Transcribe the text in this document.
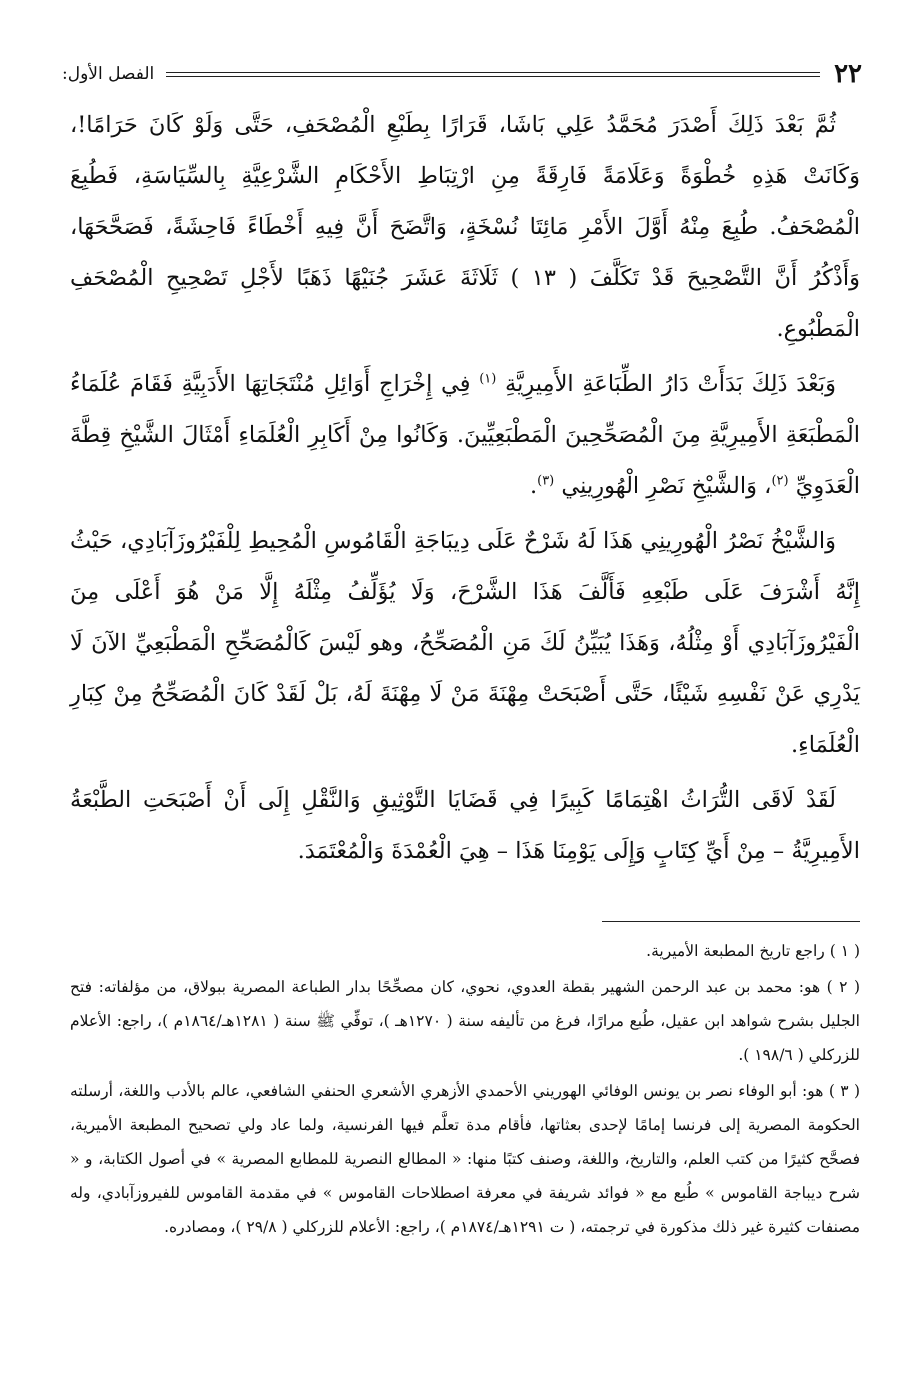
٢٢
الفصل الأول:

ثُمَّ بَعْدَ ذَلِكَ أَصْدَرَ مُحَمَّدُ عَلِي بَاشَا، قَرَارًا بِطَبْعِ الْمُصْحَفِ، حَتَّى وَلَوْ كَانَ حَرَامًا!، وَكَانَتْ هَذِهِ خُطْوَةً وَعَلَامَةً فَارِقَةً مِنِ ارْتِبَاطِ الأَحْكَامِ الشَّرْعِيَّةِ بِالسِّيَاسَةِ، فَطُبِعَ الْمُصْحَفُ. طُبِعَ مِنْهُ أَوَّلَ الأَمْرِ مَائِتَا نُسْخَةٍ، وَاتَّضَحَ أَنَّ فِيهِ أَخْطَاءً فَاحِشَةً، فَصَحَّحَهَا، وَأَذْكُرُ أَنَّ التَّصْحِيحَ قَدْ تَكَلَّفَ ( ١٣ ) ثَلَاثَةَ عَشَرَ جُنَيْهًا ذَهَبًا لأَجْلِ تَصْحِيحِ الْمُصْحَفِ الْمَطْبُوعِ.

وَبَعْدَ ذَلِكَ بَدَأَتْ دَارُ الطِّبَاعَةِ الأَمِيرِيَّةِ $^{(١)}$ فِي إِخْرَاجِ أَوَائِلِ مُنْتَجَاتِهَا الأَدَبِيَّةِ فَقَامَ عُلَمَاءُ الْمَطْبَعَةِ الأَمِيرِيَّةِ مِنَ الْمُصَحِّحِينَ الْمَطْبَعِيِّينَ. وَكَانُوا مِنْ أَكَابِرِ الْعُلَمَاءِ أَمْثَالَ الشَّيْخِ قِطَّةَ الْعَدَوِيِّ $^{(٢)}$، وَالشَّيْخِ نَصْرِ الْهُورِينِي $^{(٣)}$.

وَالشَّيْخُ نَصْرُ الْهُورِينِي هَذَا لَهُ شَرْحٌ عَلَى دِيبَاجَةِ الْقَامُوسِ الْمُحِيطِ لِلْفَيْرُوزَآبَادِي، حَيْثُ إِنَّهُ أَشْرَفَ عَلَى طَبْعِهِ فَأَلَّفَ هَذَا الشَّرْحَ، وَلَا يُؤَلِّفُ مِثْلَهُ إِلَّا مَنْ هُوَ أَعْلَى مِنَ الْفَيْرُوزَآبَادِي أَوْ مِثْلُهُ، وَهَذَا يُبَيِّنُ لَكَ مَنِ الْمُصَحِّحُ، وهو لَيْسَ كَالْمُصَحِّحِ الْمَطْبَعِيِّ الآنَ لَا يَدْرِي عَنْ نَفْسِهِ شَيْئًا، حَتَّى أَصْبَحَتْ مِهْنَةَ مَنْ لَا مِهْنَةَ لَهُ، بَلْ لَقَدْ كَانَ الْمُصَحِّحُ مِنْ كِبَارِ الْعُلَمَاءِ.

لَقَدْ لَاقَى التُّرَاثُ اهْتِمَامًا كَبِيرًا فِي قَضَايَا التَّوْثِيقِ وَالنَّقْلِ إِلَى أَنْ أَصْبَحَتِ الطَّبْعَةُ الأَمِيرِيَّةُ – مِنْ أَيِّ كِتَابٍ وَإِلَى يَوْمِنَا هَذَا – هِيَ الْعُمْدَةَ وَالْمُعْتَمَدَ.

( ١ ) راجع تاريخ المطبعة الأميرية.

( ٢ ) هو: محمد بن عبد الرحمن الشهير بقطة العدوي، نحوي، كان مصحِّحًا بدار الطباعة المصرية ببولاق، من مؤلفاته: فتح الجليل بشرح شواهد ابن عقيل، طُبع مرارًا، فرغ من تأليفه سنة ( ١٢٧٠هـ )، توفِّي ﷺ سنة ( ١٢٨١هـ/١٨٦٤م )، راجع: الأعلام للزركلي ( ١٩٨/٦ ).

( ٣ ) هو: أبو الوفاء نصر بن يونس الوفائي الهوريني الأحمدي الأزهري الأشعري الحنفي الشافعي، عالم بالأدب واللغة، أرسلته الحكومة المصرية إلى فرنسا إمامًا لإحدى بعثاتها، فأقام مدة تعلَّم فيها الفرنسية، ولما عاد ولي تصحيح المطبعة الأميرية، فصحَّح كثيرًا من كتب العلم، والتاريخ، واللغة، وصنف كتبًا منها: « المطالع النصرية للمطابع المصرية » في أصول الكتابة، و « شرح ديباجة القاموس » طُبع مع « فوائد شريفة في معرفة اصطلاحات القاموس » في مقدمة القاموس للفيروزآبادي، وله مصنفات كثيرة غير ذلك مذكورة في ترجمته، ( ت ١٢٩١هـ/١٨٧٤م )، راجع: الأعلام للزركلي ( ٢٩/٨ )، ومصادره.
